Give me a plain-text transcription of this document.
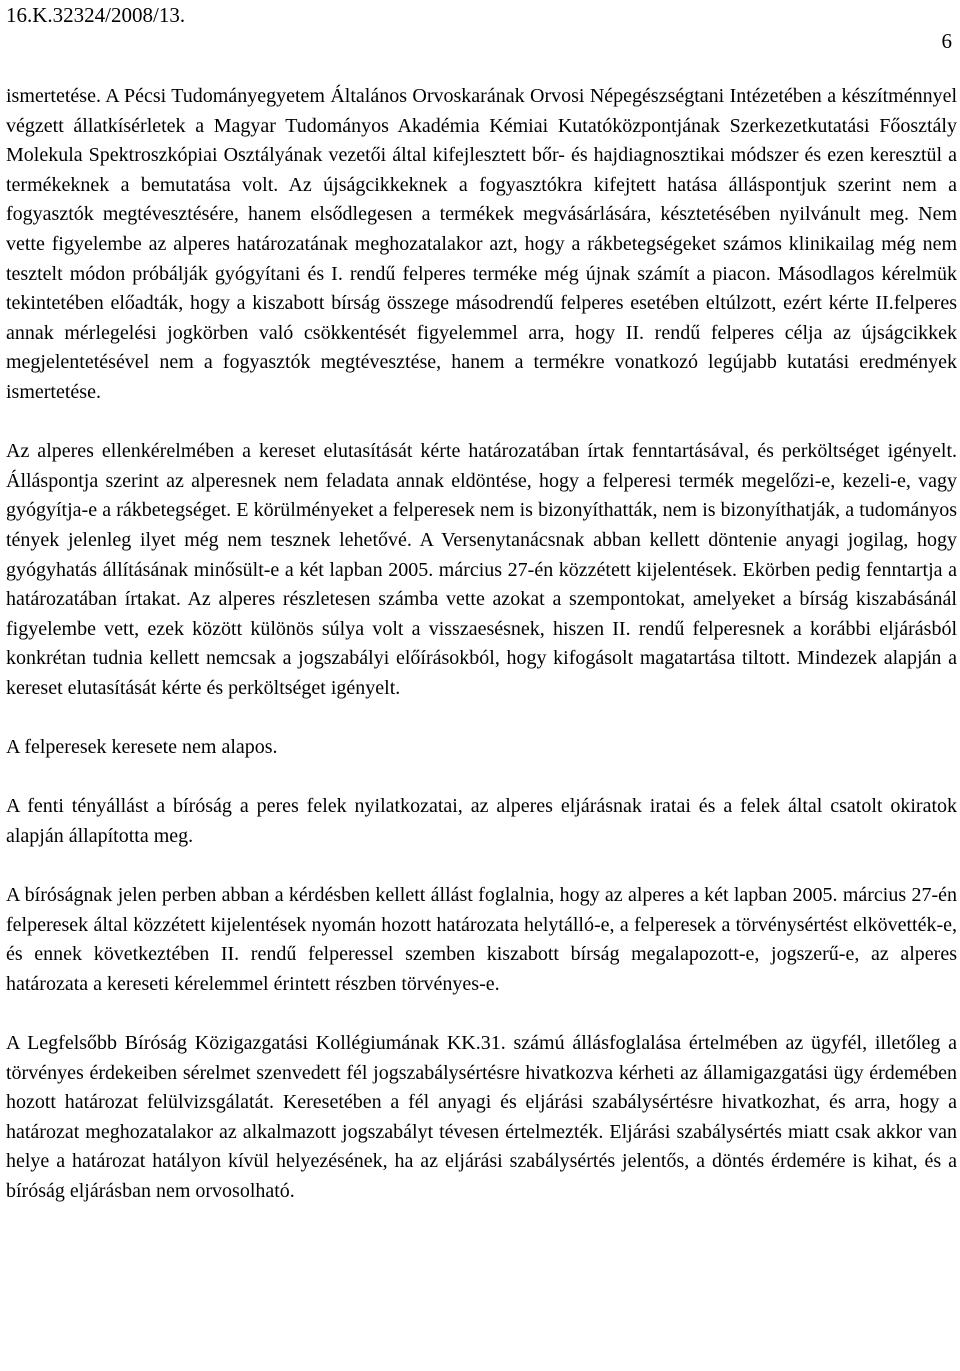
16.K.32324/2008/13.
6

ismertetése. A Pécsi Tudományegyetem Általános Orvoskarának Orvosi Népegészségtani Intézetében a készítménnyel végzett állatkísérletek a Magyar Tudományos Akadémia Kémiai Kutatóközpontjának Szerkezetkutatási Főosztály Molekula Spektroszkópiai Osztályának vezetői által kifejlesztett bőr- és hajdiagnosztikai módszer és ezen keresztül a termékeknek a bemutatása volt. Az újságcikkeknek a fogyasztókra kifejtett hatása álláspontjuk szerint nem a fogyasztók megtévesztésére, hanem elsődlegesen a termékek megvásárlására, késztetésében nyilvánult meg. Nem vette figyelembe az alperes határozatának meghozatalakor azt, hogy a rákbetegségeket számos klinikailag még nem tesztelt módon próbálják gyógyítani és I. rendű felperes terméke még újnak számít a piacon. Másodlagos kérelmük tekintetében előadták, hogy a kiszabott bírság összege másodrendű felperes esetében eltúlzott, ezért kérte II.felperes annak mérlegelési jogkörben való csökkentését figyelemmel arra, hogy II. rendű felperes célja az újságcikkek megjelentetésével nem a fogyasztók megtévesztése, hanem a termékre vonatkozó legújabb kutatási eredmények ismertetése.

Az alperes ellenkérelmében a kereset elutasítását kérte határozatában írtak fenntartásával, és perköltséget igényelt. Álláspontja szerint az alperesnek nem feladata annak eldöntése, hogy a felperesi termék megelőzi-e, kezeli-e, vagy gyógyítja-e a rákbetegséget. E körülményeket a felperesek nem is bizonyíthatták, nem is bizonyíthatják, a tudományos tények jelenleg ilyet még nem tesznek lehetővé. A Versenytanácsnak abban kellett döntenie anyagi jogilag, hogy gyógyhatás állításának minősült-e a két lapban 2005. március 27-én közzétett kijelentések. Ekörben pedig fenntartja a határozatában írtakat. Az alperes részletesen számba vette azokat a szempontokat, amelyeket a bírság kiszabásánál figyelembe vett, ezek között különös súlya volt a visszaesésnek, hiszen II. rendű felperesnek a korábbi eljárásból konkrétan tudnia kellett nemcsak a jogszabályi előírásokból, hogy kifogásolt magatartása tiltott. Mindezek alapján a kereset elutasítását kérte és perköltséget igényelt.

A felperesek keresete nem alapos.

A fenti tényállást a bíróság a peres felek nyilatkozatai, az alperes eljárásnak iratai és a felek által csatolt okiratok alapján állapította meg.

A bíróságnak jelen perben abban a kérdésben kellett állást foglalnia, hogy az alperes a két lapban 2005. március 27-én felperesek által közzétett kijelentések nyomán hozott határozata helytálló-e, a felperesek a törvénysértést elkövették-e, és ennek következtében II. rendű felperessel szemben kiszabott bírság megalapozott-e, jogszerű-e, az alperes határozata a kereseti kérelemmel érintett részben törvényes-e.

A Legfelsőbb Bíróság Közigazgatási Kollégiumának KK.31. számú állásfoglalása értelmében az ügyfél, illetőleg a törvényes érdekeiben sérelmet szenvedett fél jogszabálysértésre hivatkozva kérheti az államigazgatási ügy érdemében hozott határozat felülvizsgálatát. Keresetében a fél anyagi és eljárási szabálysértésre hivatkozhat, és arra, hogy a határozat meghozatalakor az alkalmazott jogszabályt tévesen értelmezték. Eljárási szabálysértés miatt csak akkor van helye a határozat hatályon kívül helyezésének, ha az eljárási szabálysértés jelentős, a döntés érdemére is kihat, és a bíróság eljárásban nem orvosolható.
